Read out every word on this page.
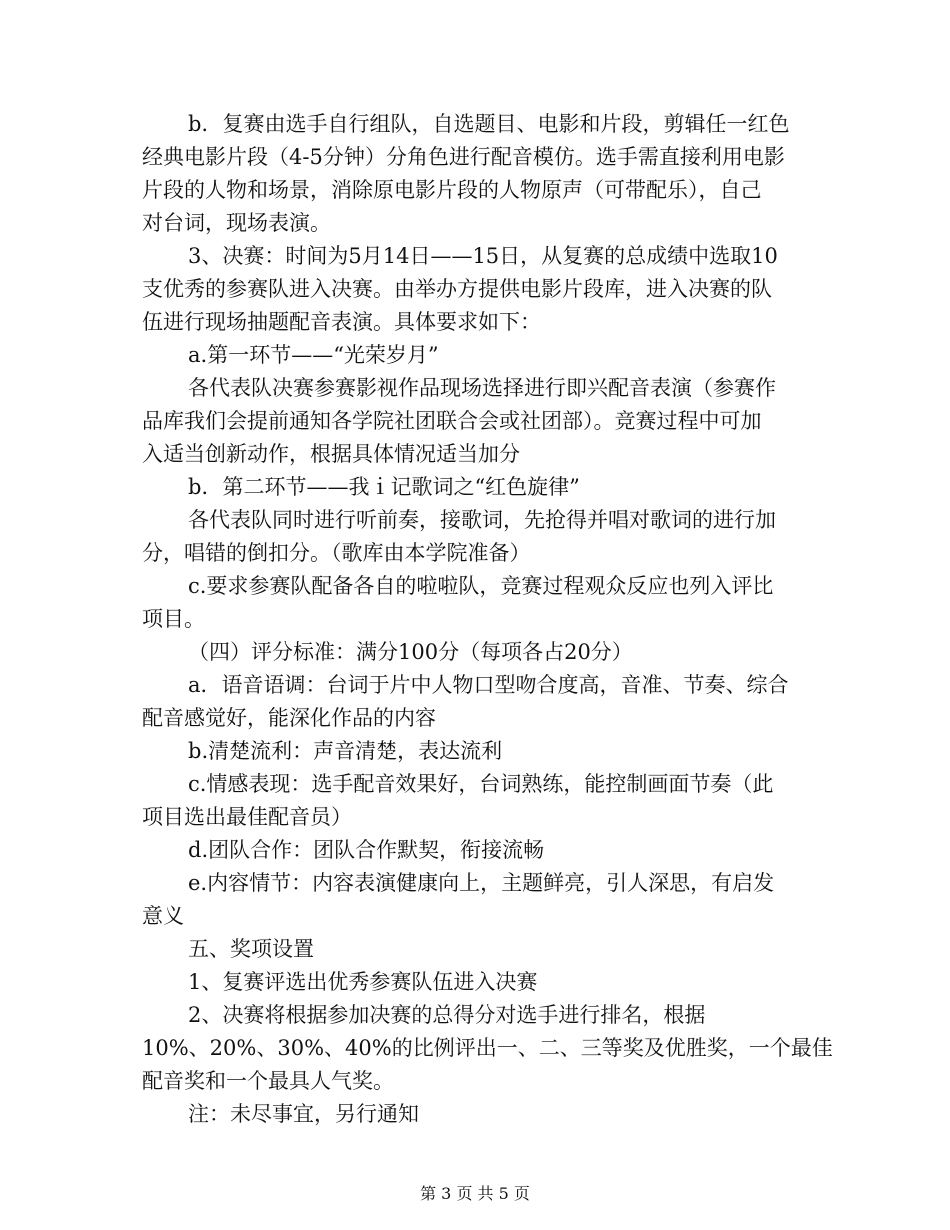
b．复赛由选手自行组队，自选题目、电影和片段，剪辑任一红色
经典电影片段（4-5分钟）分角色进行配音模仿。选手需直接利用电影
片段的人物和场景，消除原电影片段的人物原声（可带配乐），自己
对台词，现场表演。
3、决赛：时间为5月14日——15日，从复赛的总成绩中选取10
支优秀的参赛队进入决赛。由举办方提供电影片段库，进入决赛的队
伍进行现场抽题配音表演。具体要求如下：
a.第一环节——“光荣岁月”
各代表队决赛参赛影视作品现场选择进行即兴配音表演（参赛作
品库我们会提前通知各学院社团联合会或社团部）。竞赛过程中可加
入适当创新动作，根据具体情况适当加分
b．第二环节——我ｉ记歌词之“红色旋律”
各代表队同时进行听前奏，接歌词，先抢得并唱对歌词的进行加
分，唱错的倒扣分。（歌库由本学院准备）
c.要求参赛队配备各自的啦啦队，竞赛过程观众反应也列入评比
项目。
（四）评分标准：满分100分（每项各占20分）
a．语音语调：台词于片中人物口型吻合度高，音准、节奏、综合
配音感觉好，能深化作品的内容
b.清楚流利：声音清楚，表达流利
c.情感表现：选手配音效果好，台词熟练，能控制画面节奏（此
项目选出最佳配音员）
d.团队合作：团队合作默契，衔接流畅
e.内容情节：内容表演健康向上，主题鲜亮，引人深思，有启发
意义
五、奖项设置
1、复赛评选出优秀参赛队伍进入决赛
2、决赛将根据参加决赛的总得分对选手进行排名，根据
10%、20%、30%、40%的比例评出一、二、三等奖及优胜奖，一个最佳
配音奖和一个最具人气奖。
注：未尽事宜，另行通知
第 3 页 共 5 页
